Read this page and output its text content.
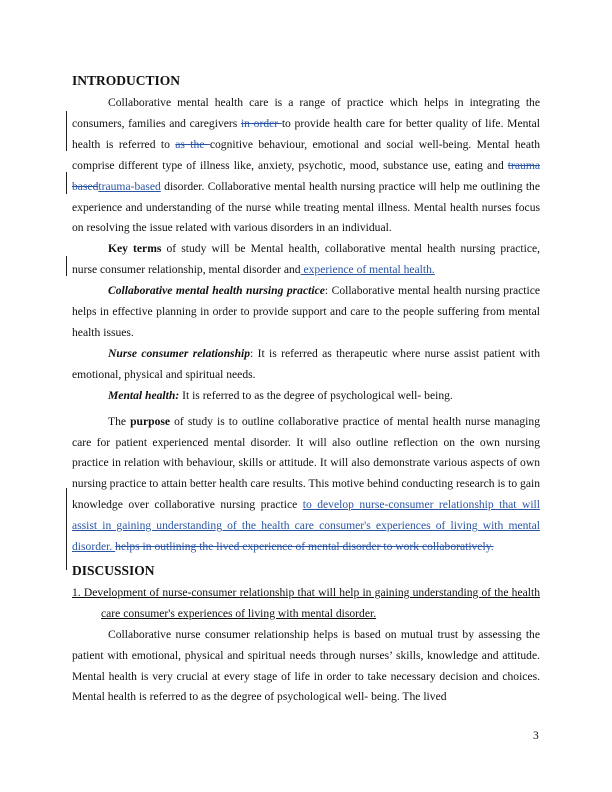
INTRODUCTION

Collaborative mental health care is a range of practice which helps in integrating the consumers, families and caregivers in order to provide health care for better quality of life. Mental health is referred to as the cognitive behaviour, emotional and social well-being. Mental heath comprise different type of illness like, anxiety, psychotic, mood, substance use, eating and trauma basedtrauma-based disorder. Collaborative mental health nursing practice will help me outlining the experience and understanding of the nurse while treating mental illness. Mental health nurses focus on resolving the issue related with various disorders in an individual.

Key terms of study will be Mental health, collaborative mental health nursing practice, nurse consumer relationship, mental disorder and experience of mental health.

Collaborative mental health nursing practice: Collaborative mental health nursing practice helps in effective planning in order to provide support and care to the people suffering from mental health issues.

Nurse consumer relationship: It is referred as therapeutic where nurse assist patient with emotional, physical and spiritual needs.

Mental health: It is referred to as the degree of psychological well- being.

The purpose of study is to outline collaborative practice of mental health nurse managing care for patient experienced mental disorder. It will also outline reflection on the own nursing practice in relation with behaviour, skills or attitude. It will also demonstrate various aspects of own nursing practice to attain better health care results. This motive behind conducting research is to gain knowledge over collaborative nursing practice to develop nurse-consumer relationship that will assist in gaining understanding of the health care consumer's experiences of living with mental disorder. helps in outlining the lived experience of mental disorder to work collaboratively.

DISCUSSION

1. Development of nurse-consumer relationship that will help in gaining understanding of the health care consumer's experiences of living with mental disorder.

Collaborative nurse consumer relationship helps is based on mutual trust by assessing the patient with emotional, physical and spiritual needs through nurses’ skills, knowledge and attitude. Mental health is very crucial at every stage of life in order to take necessary decision and choices. Mental health is referred to as the degree of psychological well- being. The lived

3
